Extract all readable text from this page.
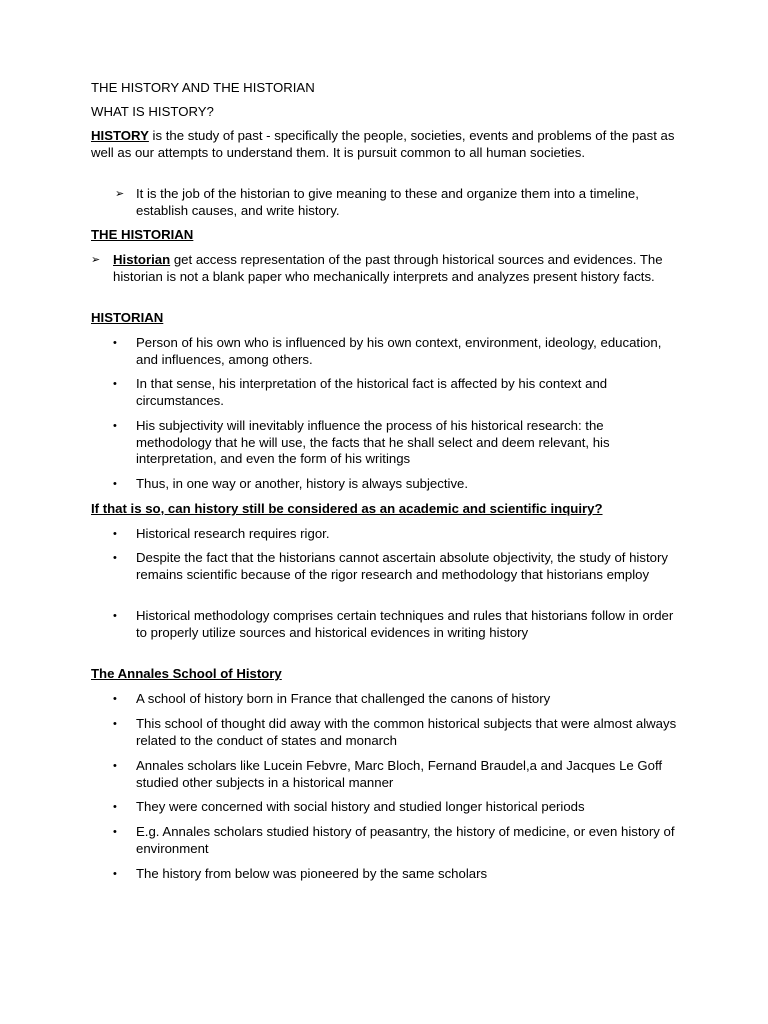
THE HISTORY AND THE HISTORIAN
WHAT IS HISTORY?

HISTORY is the study of past - specifically the people, societies, events and problems of the past as well as our attempts to understand them. It is pursuit common to all human societies.

➢ It is the job of the historian to give meaning to these and organize them into a timeline, establish causes, and write history.
THE HISTORIAN
➢ Historian get access representation of the past through historical sources and evidences. The historian is not a blank paper who mechanically interprets and analyzes present history facts.

HISTORIAN
• Person of his own who is influenced by his own context, environment, ideology, education, and influences, among others.
• In that sense, his interpretation of the historical fact is affected by his context and circumstances.
• His subjectivity will inevitably influence the process of his historical research: the methodology that he will use, the facts that he shall select and deem relevant, his interpretation, and even the form of his writings
• Thus, in one way or another, history is always subjective.
If that is so, can history still be considered as an academic and scientific inquiry?
• Historical research requires rigor.
• Despite the fact that the historians cannot ascertain absolute objectivity, the study of history remains scientific because of the rigor research and methodology that historians employ
• Historical methodology comprises certain techniques and rules that historians follow in order to properly utilize sources and historical evidences in writing history
The Annales School of History
• A school of history born in France that challenged the canons of history
• This school of thought did away with the common historical subjects that were almost always related to the conduct of states and monarch
• Annales scholars like Lucein Febvre, Marc Bloch, Fernand Braudel,a and Jacques Le Goff studied other subjects in a historical manner
• They were concerned with social history and studied longer historical periods
• E.g. Annales scholars studied history of peasantry, the history of medicine, or even history of environment
• The history from below was pioneered by the same scholars
